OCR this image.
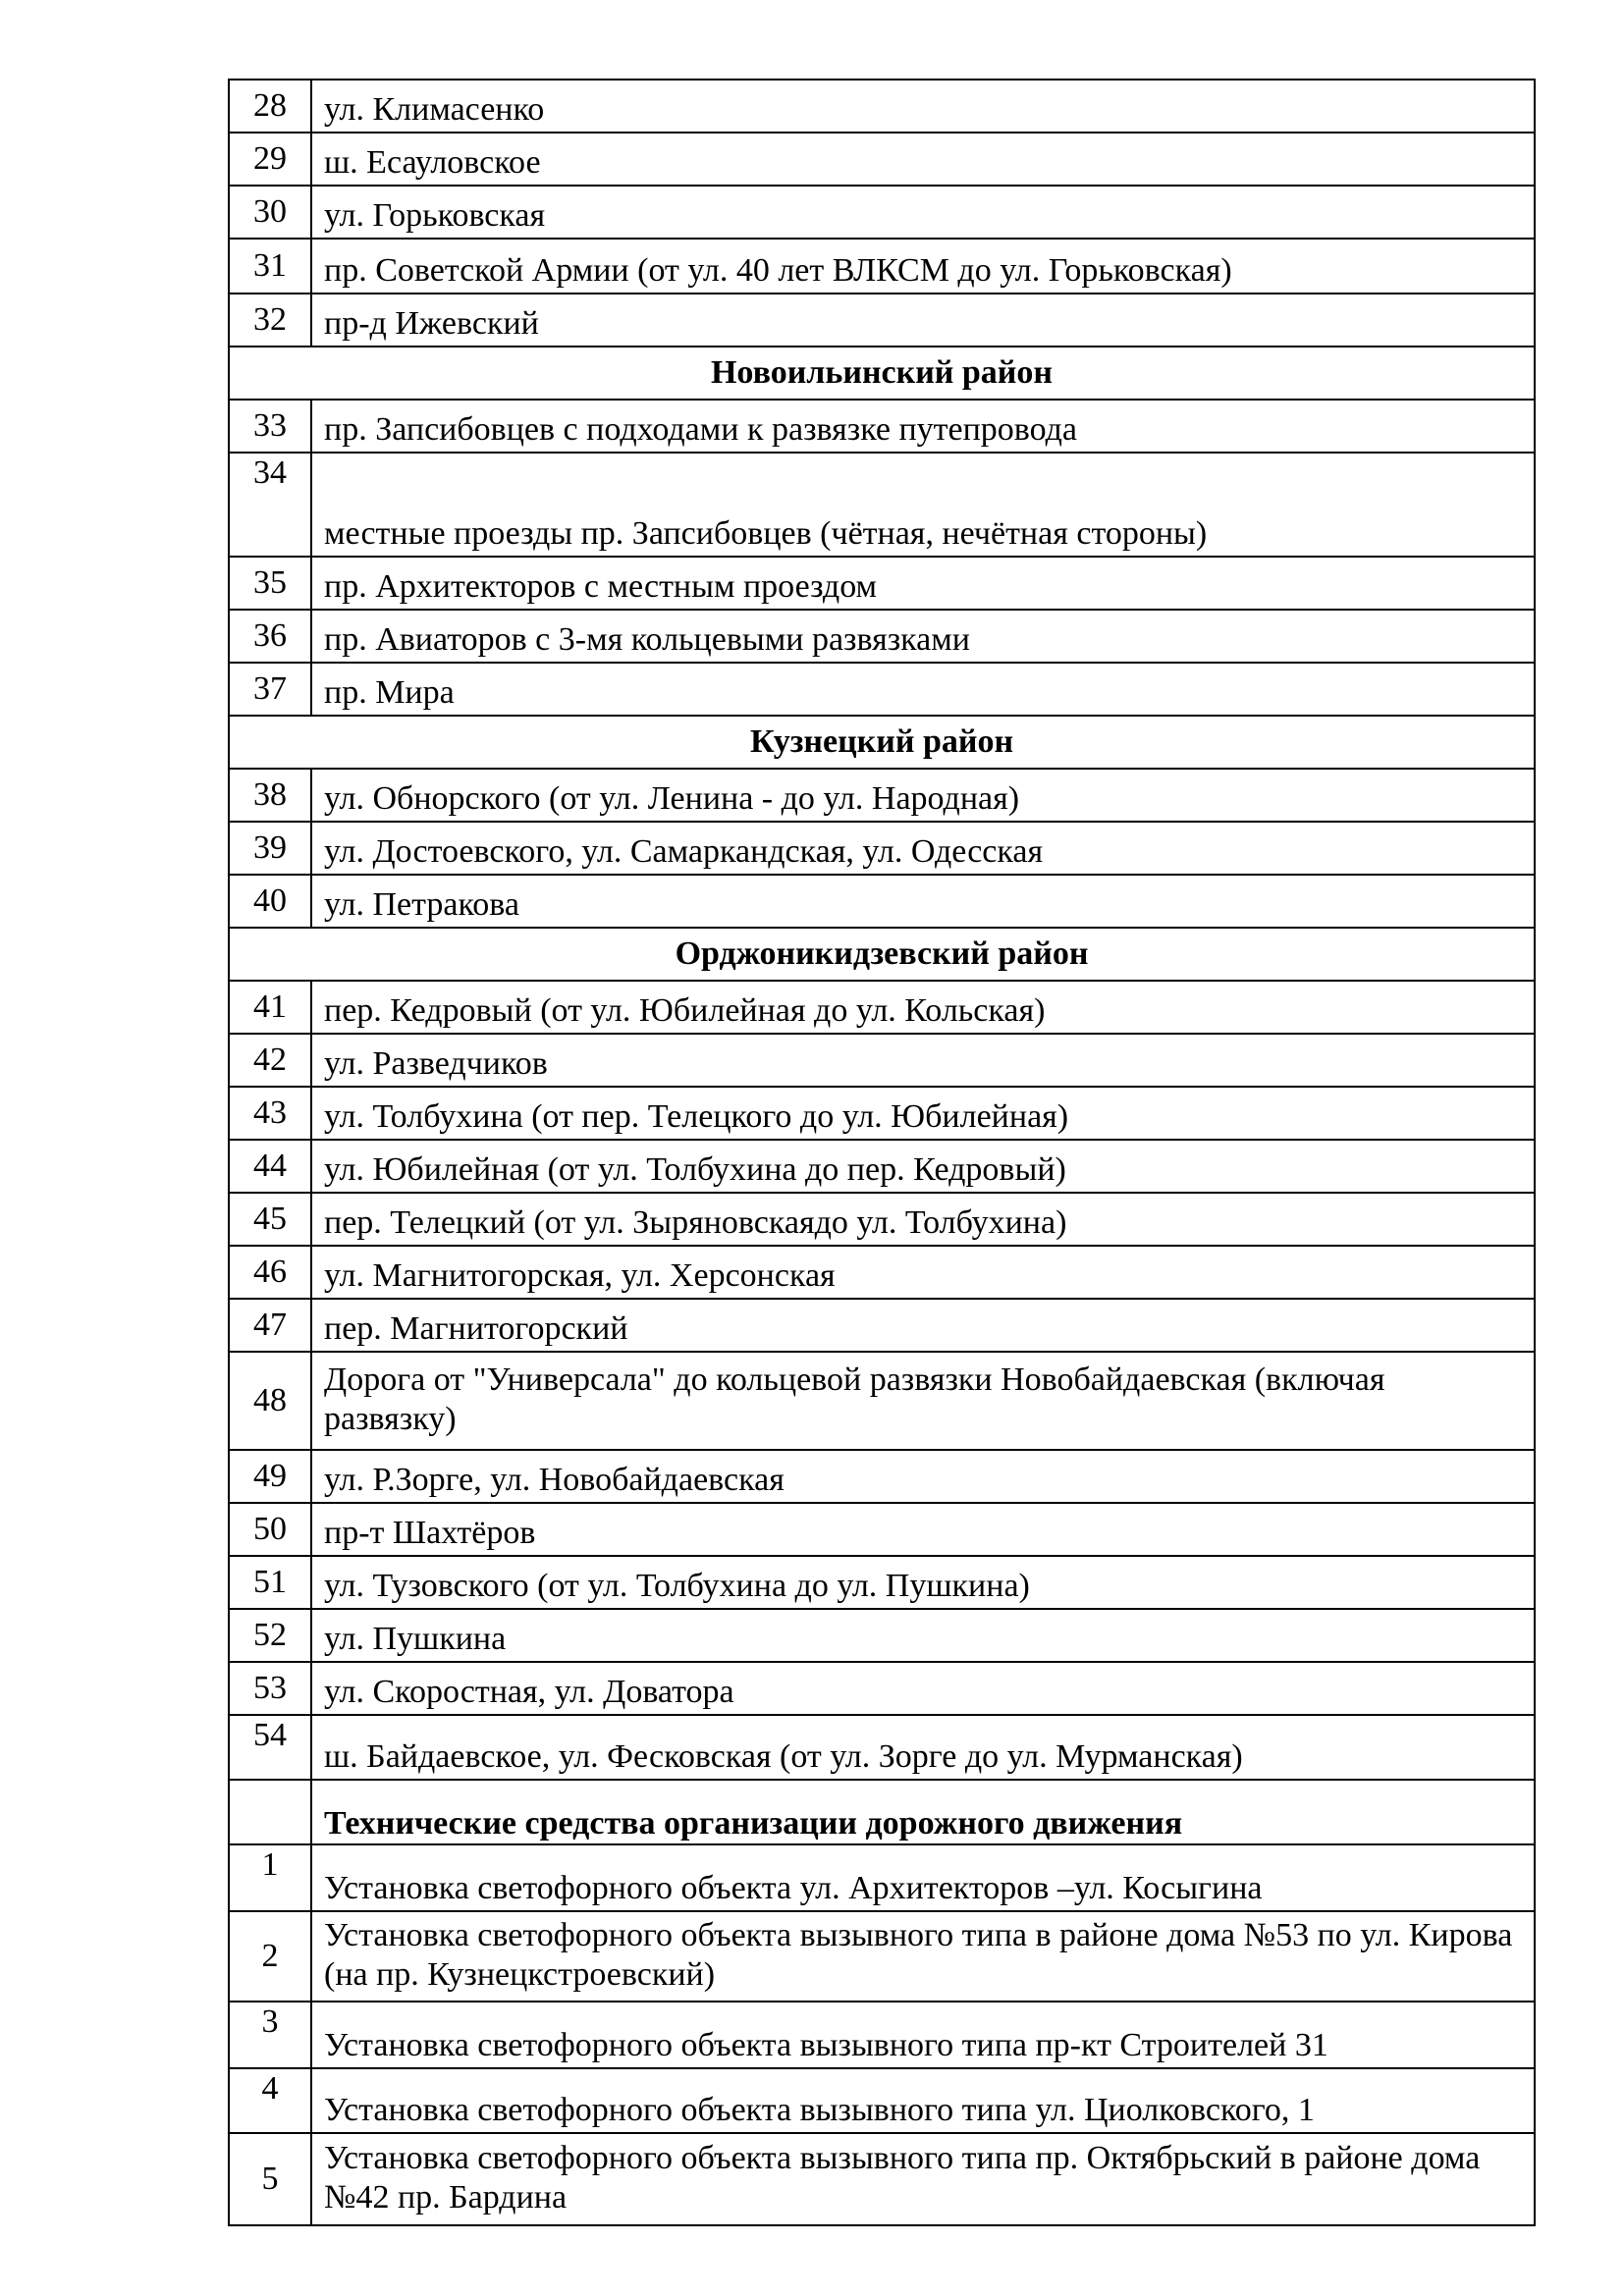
28	ул. Климасенко
29	ш. Есауловское
30	ул. Горьковская
31	пр. Советской Армии (от ул. 40 лет ВЛКСМ до ул. Горьковская)
32	пр-д Ижевский
Новоильинский район	
33	пр. Запсибовцев с подходами к развязке путепровода
34	местные проезды пр. Запсибовцев (чётная, нечётная стороны)
35	пр. Архитекторов с местным проездом
36	пр. Авиаторов с 3-мя кольцевыми развязками
37	пр. Мира
Кузнецкий район	
38	ул. Обнорского (от ул. Ленина - до ул. Народная)
39	ул. Достоевского, ул. Самаркандская, ул. Одесская
40	ул. Петракова
Орджоникидзевский район	
41	пер. Кедровый (от ул. Юбилейная до ул. Кольская)
42	ул. Разведчиков
43	ул. Толбухина (от пер. Телецкого до ул. Юбилейная)
44	ул. Юбилейная (от ул. Толбухина до пер. Кедровый)
45	пер. Телецкий (от ул. Зыряновскаядо ул. Толбухина)
46	ул. Магнитогорская, ул. Херсонская
47	пер. Магнитогорский
48	Дорога от "Универсала" до кольцевой развязки Новобайдаевская (включая развязку)
49	ул. Р.Зорге, ул. Новобайдаевская
50	пр-т Шахтёров
51	ул. Тузовского (от ул. Толбухина до ул. Пушкина)
52	ул. Пушкина
53	ул. Скоростная, ул. Доватора
54	ш. Байдаевское, ул. Фесковская (от ул. Зорге до ул. Мурманская)
	Технические средства организации дорожного движения
1	Установка светофорного объекта ул. Архитекторов –ул. Косыгина
2	Установка светофорного объекта вызывного типа в районе дома №53 по ул. Кирова (на пр. Кузнецкстроевский)
3	Установка светофорного объекта вызывного типа пр-кт Строителей 31
4	Установка светофорного объекта вызывного типа ул. Циолковского, 1
5	Установка светофорного объекта вызывного типа пр. Октябрьский в районе дома №42 пр. Бардина
